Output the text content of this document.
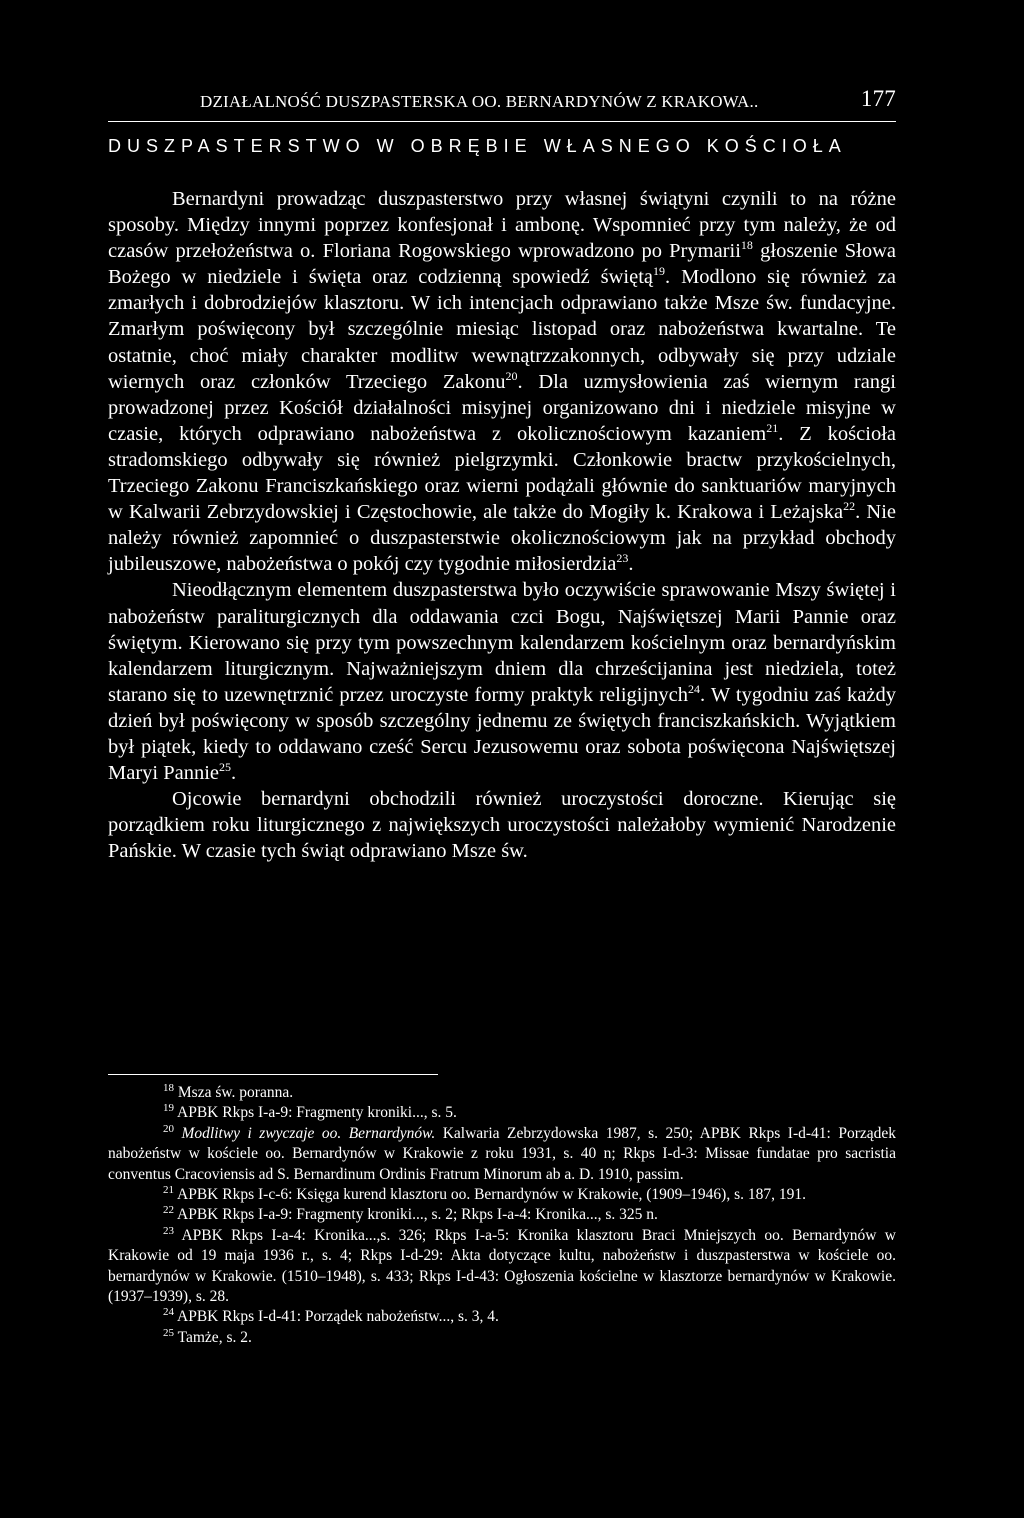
DZIAŁALNOŚĆ DUSZPASTERSKA OO. BERNARDYNÓW Z KRAKOWA..	177
DUSZPASTERSTWO W OBRĘBIE WŁASNEGO KOŚCIOŁA

Bernardyni prowadząc duszpasterstwo przy własnej świątyni czynili to na różne sposoby. Między innymi poprzez konfesjonał i ambonę. Wspomnieć przy tym należy, że od czasów przełożeństwa o. Floriana Rogowskiego wprowadzono po Prymarii$^{18}$ głoszenie Słowa Bożego w niedziele i święta oraz codzienną spowiedź świętą$^{19}$. Modlono się również za zmarłych i dobrodziejów klasztoru. W ich intencjach odprawiano także Msze św. fundacyjne. Zmarłym poświęcony był szczególnie miesiąc listopad oraz nabożeństwa kwartalne. Te ostatnie, choć miały charakter modlitw wewnątrzzakonnych, odbywały się przy udziale wiernych oraz członków Trzeciego Zakonu$^{20}$. Dla uzmysłowienia zaś wiernym rangi prowadzonej przez Kościół działalności misyjnej organizowano dni i niedziele misyjne w czasie, których odprawiano nabożeństwa z okolicznościowym kazaniem$^{21}$. Z kościoła stradomskiego odbywały się również pielgrzymki. Członkowie bractw przykościelnych, Trzeciego Zakonu Franciszkańskiego oraz wierni podążali głównie do sanktuariów maryjnych w Kalwarii Zebrzydowskiej i Częstochowie, ale także do Mogiły k. Krakowa i Leżajska$^{22}$. Nie należy również zapomnieć o duszpasterstwie okolicznościowym jak na przykład obchody jubileuszowe, nabożeństwa o pokój czy tygodnie miłosierdzia$^{23}$.

Nieodłącznym elementem duszpasterstwa było oczywiście sprawowanie Mszy świętej i nabożeństw paraliturgicznych dla oddawania czci Bogu, Najświętszej Marii Pannie oraz świętym. Kierowano się przy tym powszechnym kalendarzem kościelnym oraz bernardyńskim kalendarzem liturgicznym. Najważniejszym dniem dla chrześcijanina jest niedziela, toteż starano się to uzewnętrznić przez uroczyste formy praktyk religijnych$^{24}$. W tygodniu zaś każdy dzień był poświęcony w sposób szczególny jednemu ze świętych franciszkańskich. Wyjątkiem był piątek, kiedy to oddawano cześć Sercu Jezusowemu oraz sobota poświęcona Najświętszej Maryi Pannie$^{25}$.

Ojcowie bernardyni obchodzili również uroczystości doroczne. Kierując się porządkiem roku liturgicznego z największych uroczystości należałoby wymienić Narodzenie Pańskie. W czasie tych świąt odprawiano Msze św.

$^{18}$ Msza św. poranna.

$^{19}$ APBK Rkps I-a-9: Fragmenty kroniki..., s. 5.

$^{20}$ Modlitwy i zwyczaje oo. Bernardynów. Kalwaria Zebrzydowska 1987, s. 250; APBK Rkps I-d-41: Porządek nabożeństw w kościele oo. Bernardynów w Krakowie z roku 1931, s. 40 n; Rkps I-d-3: Missae fundatae pro sacristia conventus Cracoviensis ad S. Bernardinum Ordinis Fratrum Minorum ab a. D. 1910, passim.

$^{21}$ APBK Rkps I-c-6: Księga kurend klasztoru oo. Bernardynów w Krakowie, (1909–1946), s. 187, 191.

$^{22}$ APBK Rkps I-a-9: Fragmenty kroniki..., s. 2; Rkps I-a-4: Kronika..., s. 325 n.

$^{23}$ APBK Rkps I-a-4: Kronika...,s. 326; Rkps I-a-5: Kronika klasztoru Braci Mniejszych oo. Bernardynów w Krakowie od 19 maja 1936 r., s. 4; Rkps I-d-29: Akta dotyczące kultu, nabożeństw i duszpasterstwa w kościele oo. bernardynów w Krakowie. (1510–1948), s. 433; Rkps I-d-43: Ogłoszenia kościelne w klasztorze bernardynów w Krakowie. (1937–1939), s. 28.

$^{24}$ APBK Rkps I-d-41: Porządek nabożeństw..., s. 3, 4.

$^{25}$ Tamże, s. 2.
